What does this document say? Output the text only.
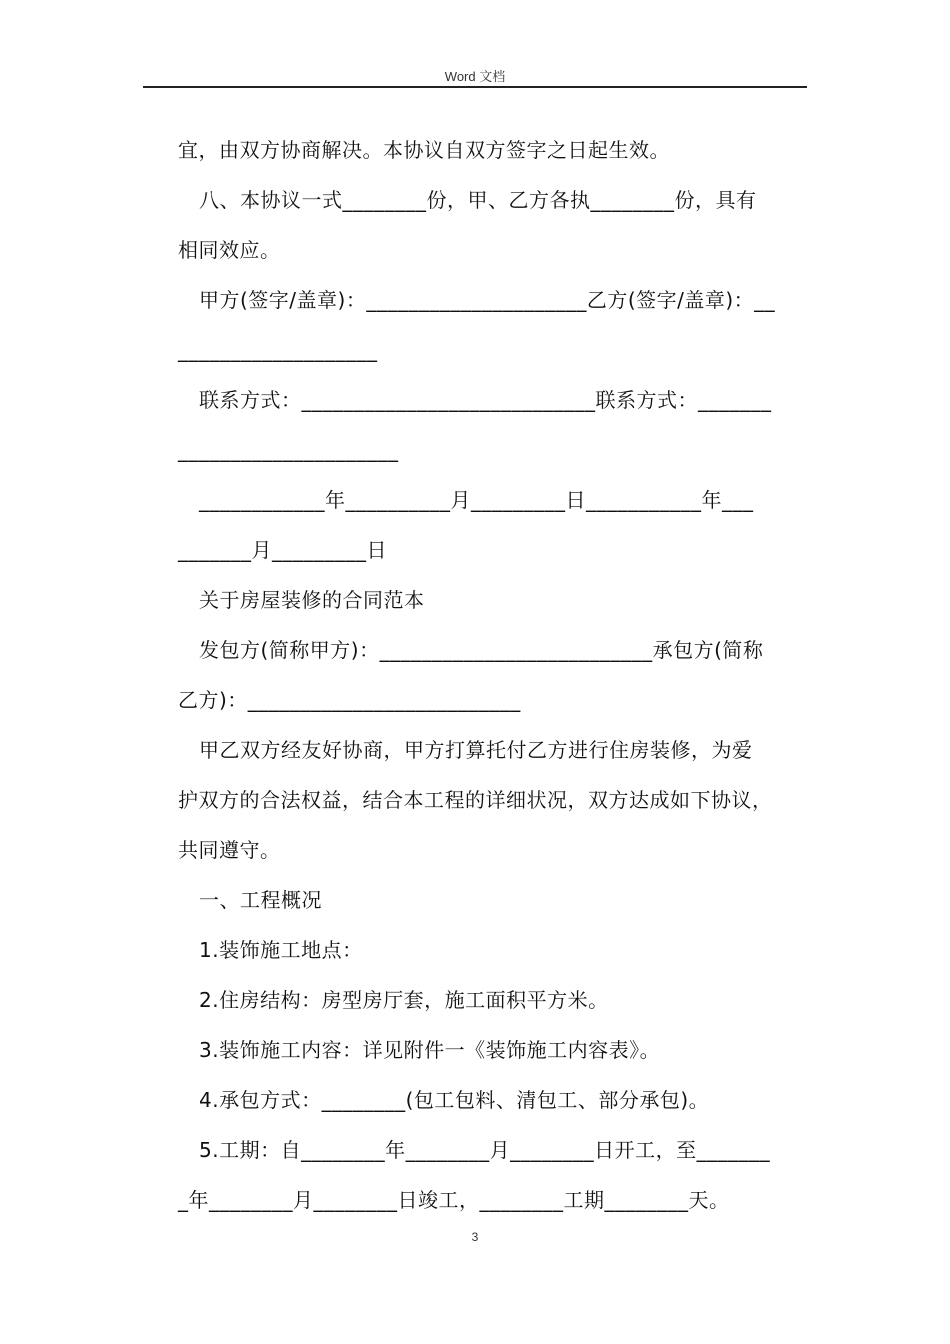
Word 文档
宜，由双方协商解决。本协议自双方签字之日起生效。
八、本协议一式________份，甲、乙方各执________份，具有
相同效应。
甲方(签字/盖章)：_____________________乙方(签字/盖章)：__
___________________
联系方式：____________________________联系方式：_______
_____________________
____________年__________月_________日___________年___
_______月_________日
关于房屋装修的合同范本
发包方(简称甲方)：__________________________承包方(简称
乙方)：__________________________
甲乙双方经友好协商，甲方打算托付乙方进行住房装修，为爱
护双方的合法权益，结合本工程的详细状况，双方达成如下协议，
共同遵守。
一、工程概况
1.装饰施工地点：
2.住房结构：房型房厅套，施工面积平方米。
3.装饰施工内容：详见附件一《装饰施工内容表》。
4.承包方式：________(包工包料、清包工、部分承包)。
5.工期：自________年________月________日开工，至_______
_年________月________日竣工，________工期________天。
3
